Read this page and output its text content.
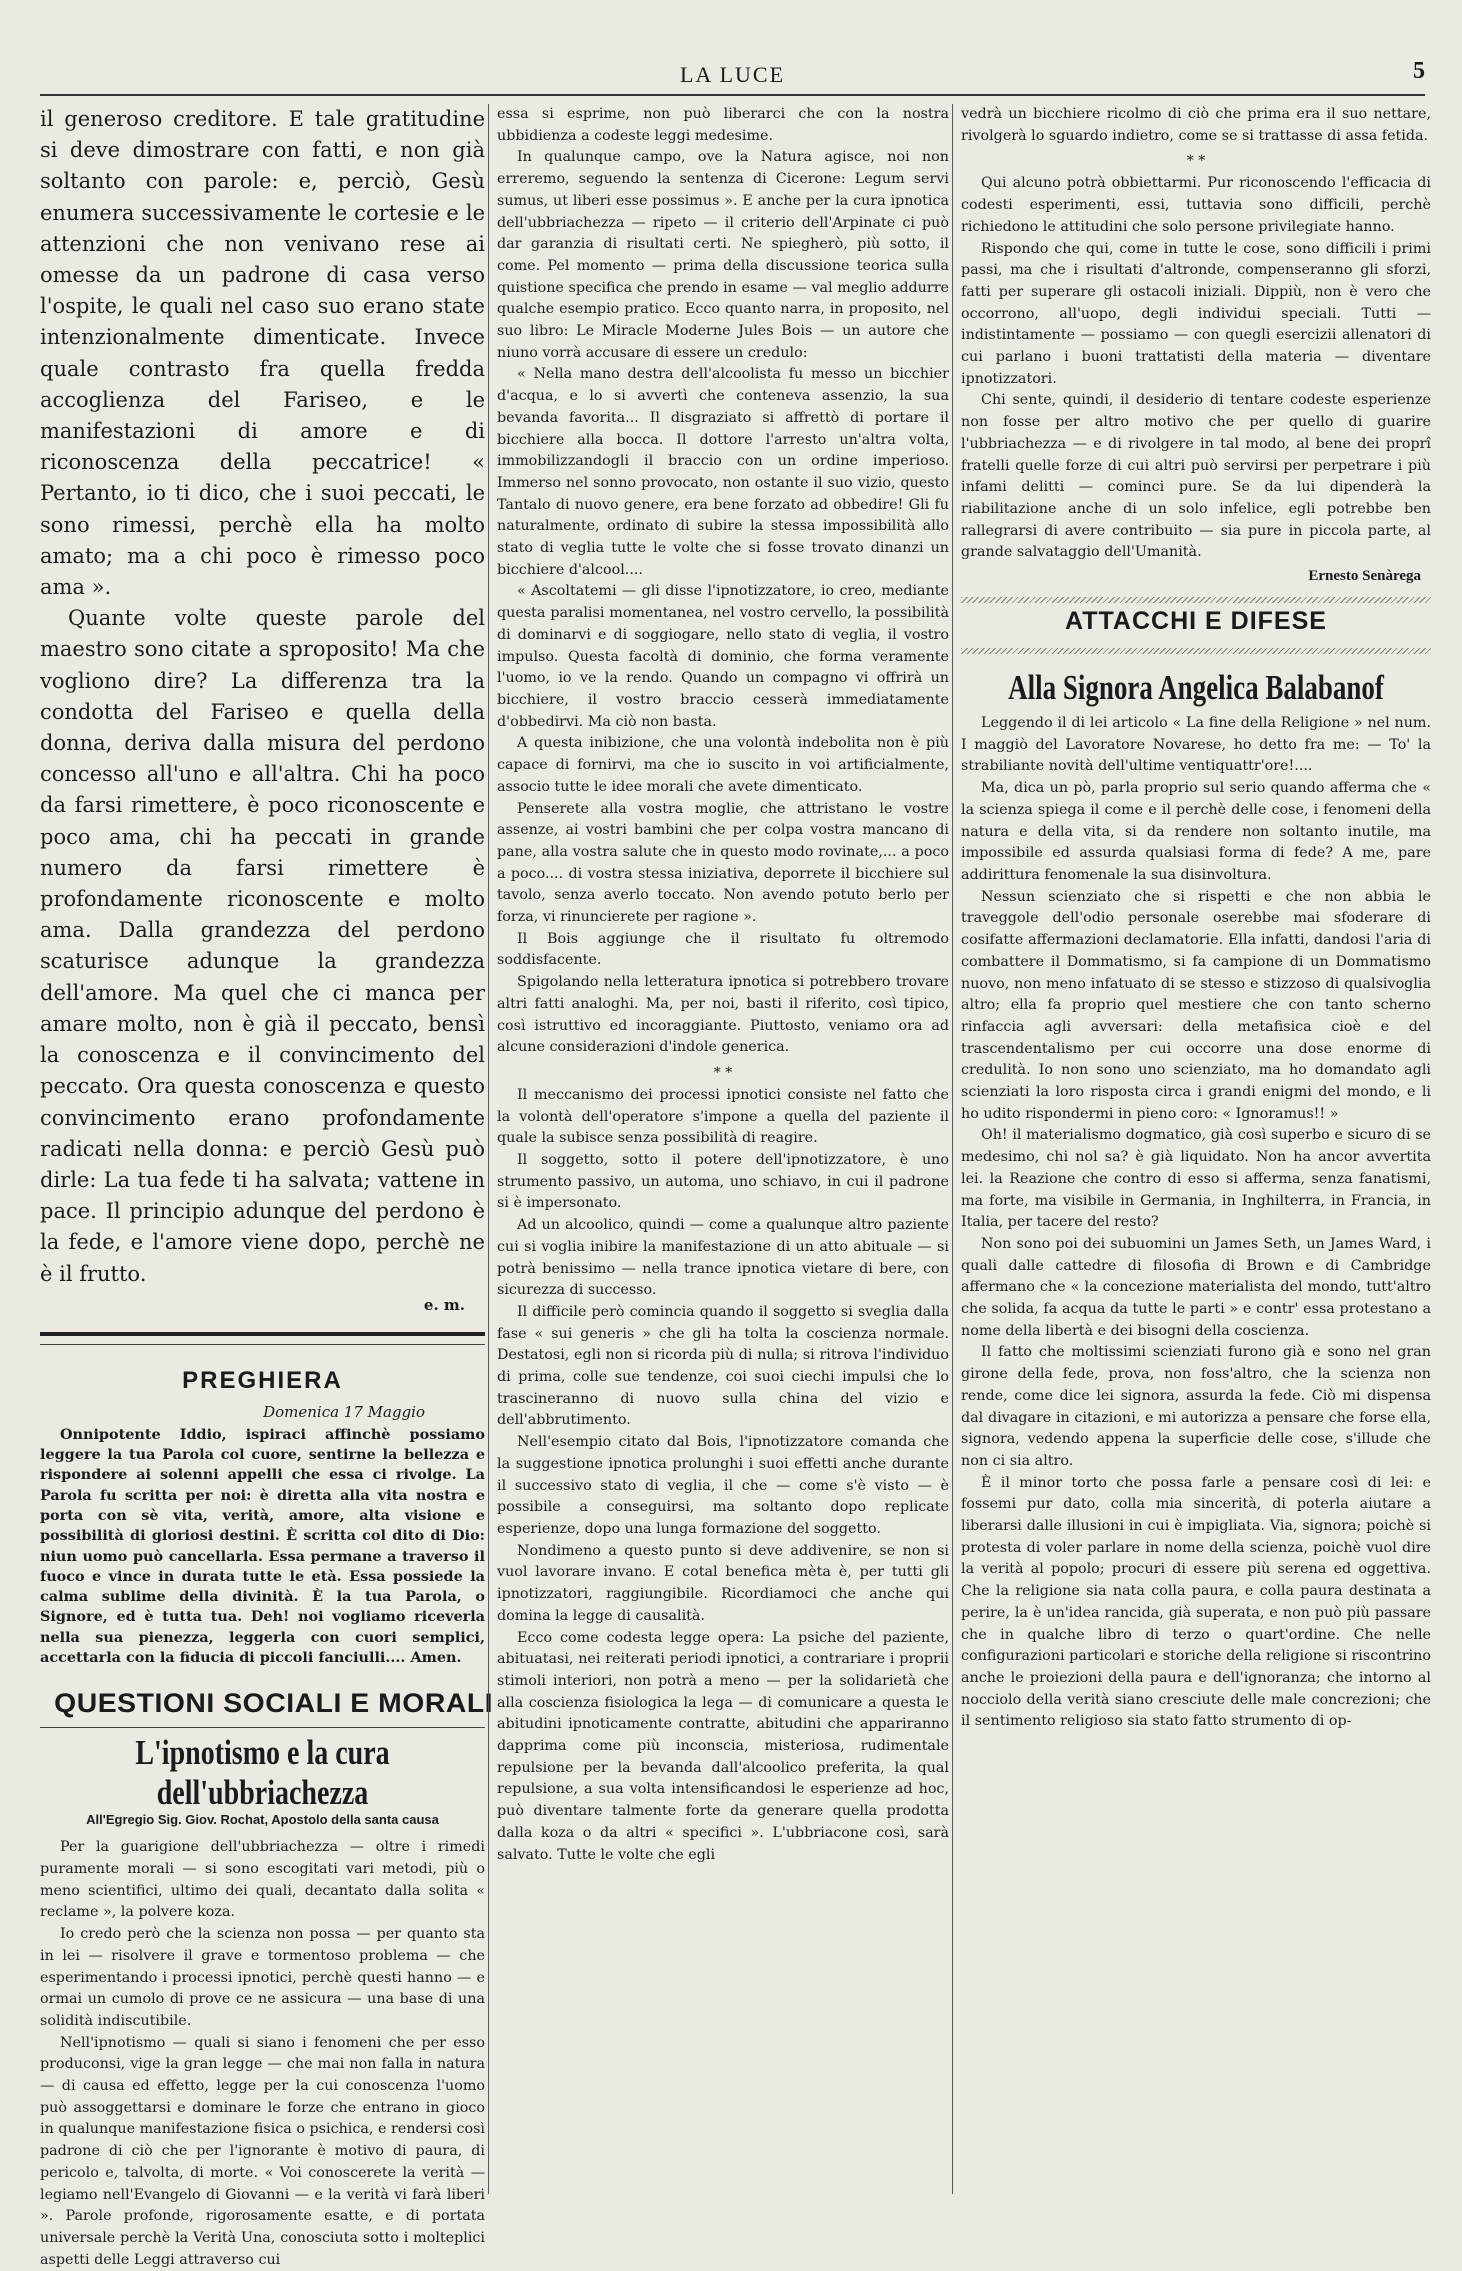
LA LUCE	5

il generoso creditore. E tale gratitudine si deve dimostrare con fatti, e non già soltanto con parole: e, perciò, Gesù enumera successivamente le cortesie e le attenzioni che non venivano rese ai omesse da un padrone di casa verso l'ospite, le quali nel caso suo erano state intenzionalmente dimenticate. Invece quale contrasto fra quella fredda accoglienza del Fariseo, e le manifestazioni di amore e di riconoscenza della peccatrice! « Pertanto, io ti dico, che i suoi peccati, le sono rimessi, perchè ella ha molto amato; ma a chi poco è rimesso poco ama ».

Quante volte queste parole del maestro sono citate a sproposito! Ma che vogliono dire? La differenza tra la condotta del Fariseo e quella della donna, deriva dalla misura del perdono concesso all'uno e all'altra. Chi ha poco da farsi rimettere, è poco riconoscente e poco ama, chi ha peccati in grande numero da farsi rimettere è profondamente riconoscente e molto ama. Dalla grandezza del perdono scaturisce adunque la grandezza dell'amore. Ma quel che ci manca per amare molto, non è già il peccato, bensì la conoscenza e il convincimento del peccato. Ora questa conoscenza e questo convincimento erano profondamente radicati nella donna: e perciò Gesù può dirle: La tua fede ti ha salvata; vattene in pace. Il principio adunque del perdono è la fede, e l'amore viene dopo, perchè ne è il frutto.

e. m.
PREGHIERA
Domenica 17 Maggio

Onnipotente Iddio, ispiraci affinchè possiamo leggere la tua Parola col cuore, sentirne la bellezza e rispondere ai solenni appelli che essa ci rivolge. La Parola fu scritta per noi: è diretta alla vita nostra e porta con sè vita, verità, amore, alta visione e possibilità di gloriosi destini. È scritta col dito di Dio: niun uomo può cancellarla. Essa permane a traverso il fuoco e vince in durata tutte le età. Essa possiede la calma sublime della divinità. È la tua Parola, o Signore, ed è tutta tua. Deh! noi vogliamo riceverla nella sua pienezza, leggerla con cuori semplici, accettarla con la fiducia di piccoli fanciulli.... Amen.

QUESTIONI SOCIALI E MORALI
L'ipnotismo e la cura dell'ubbriachezza
All'Egregio Sig. Giov. Rochat, Apostolo della santa causa

Per la guarigione dell'ubbriachezza — oltre i rimedi puramente morali — si sono escogitati vari metodi, più o meno scientifici, ultimo dei quali, decantato dalla solita « reclame », la polvere koza.

Io credo però che la scienza non possa — per quanto sta in lei — risolvere il grave e tormentoso problema — che esperimentando i processi ipnotici, perchè questi hanno — e ormai un cumolo di prove ce ne assicura — una base di una solidità indiscutibile.

Nell'ipnotismo — quali si siano i fenomeni che per esso produconsi, vige la gran legge — che mai non falla in natura — di causa ed effetto, legge per la cui conoscenza l'uomo può assoggettarsi e dominare le forze che entrano in gioco in qualunque manifestazione fisica o psichica, e rendersi così padrone di ciò che per l'ignorante è motivo di paura, di pericolo e, talvolta, di morte. « Voi conoscerete la verità — legiamo nell'Evangelo di Giovanni — e la verità vi farà liberi ». Parole profonde, rigorosamente esatte, e di portata universale perchè la Verità Una, conosciuta sotto i molteplici aspetti delle Leggi attraverso cui

essa si esprime, non può liberarci che con la nostra ubbidienza a codeste leggi medesime.

In qualunque campo, ove la Natura agisce, noi non erreremo, seguendo la sentenza di Cicerone: Legum servi sumus, ut liberi esse possimus ». E anche per la cura ipnotica dell'ubbriachezza — ripeto — il criterio dell'Arpinate ci può dar garanzia di risultati certi. Ne spiegherò, più sotto, il come. Pel momento — prima della discussione teorica sulla quistione specifica che prendo in esame — val meglio addurre qualche esempio pratico. Ecco quanto narra, in proposito, nel suo libro: Le Miracle Moderne Jules Bois — un autore che niuno vorrà accusare di essere un credulo:

« Nella mano destra dell'alcoolista fu messo un bicchier d'acqua, e lo si avvertì che conteneva assenzio, la sua bevanda favorita... Il disgraziato si affrettò di portare il bicchiere alla bocca. Il dottore l'arresto un'altra volta, immobilizzandogli il braccio con un ordine imperioso. Immerso nel sonno provocato, non ostante il suo vizio, questo Tantalo di nuovo genere, era bene forzato ad obbedire! Gli fu naturalmente, ordinato di subire la stessa impossibilità allo stato di veglia tutte le volte che si fosse trovato dinanzi un bicchiere d'alcool....

« Ascoltatemi — gli disse l'ipnotizzatore, io creo, mediante questa paralisi momentanea, nel vostro cervello, la possibilità di dominarvi e di soggiogare, nello stato di veglia, il vostro impulso. Questa facoltà di dominio, che forma veramente l'uomo, io ve la rendo. Quando un compagno vi offrirà un bicchiere, il vostro braccio cesserà immediatamente d'obbedirvi. Ma ciò non basta.

A questa inibizione, che una volontà indebolita non è più capace di fornirvi, ma che io suscito in voi artificialmente, associo tutte le idee morali che avete dimenticato.

Penserete alla vostra moglie, che attristano le vostre assenze, ai vostri bambini che per colpa vostra mancano di pane, alla vostra salute che in questo modo rovinate,... a poco a poco.... di vostra stessa iniziativa, deporrete il bicchiere sul tavolo, senza averlo toccato. Non avendo potuto berlo per forza, vi rinuncierete per ragione ».

Il Bois aggiunge che il risultato fu oltremodo soddisfacente.

Spigolando nella letteratura ipnotica si potrebbero trovare altri fatti analoghi. Ma, per noi, basti il riferito, così tipico, così istruttivo ed incoraggiante. Piuttosto, veniamo ora ad alcune considerazioni d'indole generica.

* *

Il meccanismo dei processi ipnotici consiste nel fatto che la volontà dell'operatore s'impone a quella del paziente il quale la subisce senza possibilità di reagire.

Il soggetto, sotto il potere dell'ipnotizzatore, è uno strumento passivo, un automa, uno schiavo, in cui il padrone si è impersonato.

Ad un alcoolico, quindi — come a qualunque altro paziente cui si voglia inibire la manifestazione di un atto abituale — si potrà benissimo — nella trance ipnotica vietare di bere, con sicurezza di successo.

Il difficile però comincia quando il soggetto si sveglia dalla fase « sui generis » che gli ha tolta la coscienza normale. Destatosi, egli non si ricorda più di nulla; si ritrova l'individuo di prima, colle sue tendenze, coi suoi ciechi impulsi che lo trascineranno di nuovo sulla china del vizio e dell'abbrutimento.

Nell'esempio citato dal Bois, l'ipnotizzatore comanda che la suggestione ipnotica prolunghi i suoi effetti anche durante il successivo stato di veglia, il che — come s'è visto — è possibile a conseguirsi, ma soltanto dopo replicate esperienze, dopo una lunga formazione del soggetto.

Nondimeno a questo punto si deve addivenire, se non si vuol lavorare invano. E cotal benefica mèta è, per tutti gli ipnotizzatori, raggiungibile. Ricordiamoci che anche qui domina la legge di causalità.

Ecco come codesta legge opera: La psiche del paziente, abituatasi, nei reiterati periodi ipnotici, a contrariare i proprii stimoli interiori, non potrà a meno — per la solidarietà che alla coscienza fisiologica la lega — di comunicare a questa le abitudini ipnoticamente contratte, abitudini che appariranno dapprima come più inconscia, misteriosa, rudimentale repulsione per la bevanda dall'alcoolico preferita, la qual repulsione, a sua volta intensificandosi le esperienze ad hoc, può diventare talmente forte da generare quella prodotta dalla koza o da altri « specifici ». L'ubbriacone così, sarà salvato. Tutte le volte che egli

vedrà un bicchiere ricolmo di ciò che prima era il suo nettare, rivolgerà lo sguardo indietro, come se si trattasse di assa fetida.

* *

Qui alcuno potrà obbiettarmi. Pur riconoscendo l'efficacia di codesti esperimenti, essi, tuttavia sono difficili, perchè richiedono le attitudini che solo persone privilegiate hanno.

Rispondo che qui, come in tutte le cose, sono difficili i primi passi, ma che i risultati d'altronde, compenseranno gli sforzi, fatti per superare gli ostacoli iniziali. Dippiù, non è vero che occorrono, all'uopo, degli individui speciali. Tutti — indistintamente — possiamo — con quegli esercizii allenatori di cui parlano i buoni trattatisti della materia — diventare ipnotizzatori.

Chi sente, quindi, il desiderio di tentare codeste esperienze non fosse per altro motivo che per quello di guarire l'ubbriachezza — e di rivolgere in tal modo, al bene dei proprî fratelli quelle forze di cui altri può servirsi per perpetrare i più infami delitti — cominci pure. Se da lui dipenderà la riabilitazione anche di un solo infelice, egli potrebbe ben rallegrarsi di avere contribuito — sia pure in piccola parte, al grande salvataggio dell'Umanità.

Ernesto Senàrega
ATTACCHI E DIFESE
Alla Signora Angelica Balabanof

Leggendo il di lei articolo « La fine della Religione » nel num. I maggiò del Lavoratore Novarese, ho detto fra me: — To' la strabiliante novità dell'ultime ventiquattr'ore!....

Ma, dica un pò, parla proprio sul serio quando afferma che « la scienza spiega il come e il perchè delle cose, i fenomeni della natura e della vita, si da rendere non soltanto inutile, ma impossibile ed assurda qualsiasi forma di fede? A me, pare addirittura fenomenale la sua disinvoltura.

Nessun scienziato che si rispetti e che non abbia le traveggole dell'odio personale oserebbe mai sfoderare di cosifatte affermazioni declamatorie. Ella infatti, dandosi l'aria di combattere il Dommatismo, si fa campione di un Dommatismo nuovo, non meno infatuato di se stesso e stizzoso di qualsivoglia altro; ella fa proprio quel mestiere che con tanto scherno rinfaccia agli avversari: della metafisica cioè e del trascendentalismo per cui occorre una dose enorme di credulità. Io non sono uno scienziato, ma ho domandato agli scienziati la loro risposta circa i grandi enigmi del mondo, e li ho udito rispondermi in pieno coro: « Ignoramus!! »

Oh! il materialismo dogmatico, già così superbo e sicuro di se medesimo, chi nol sa? è già liquidato. Non ha ancor avvertita lei. la Reazione che contro di esso si afferma, senza fanatismi, ma forte, ma visibile in Germania, in Inghilterra, in Francia, in Italia, per tacere del resto?

Non sono poi dei subuomini un James Seth, un James Ward, i quali dalle cattedre di filosofia di Brown e di Cambridge affermano che « la concezione materialista del mondo, tutt'altro che solida, fa acqua da tutte le parti » e contr' essa protestano a nome della libertà e dei bisogni della coscienza.

Il fatto che moltissimi scienziati furono già e sono nel gran girone della fede, prova, non foss'altro, che la scienza non rende, come dice lei signora, assurda la fede. Ciò mi dispensa dal divagare in citazioni, e mi autorizza a pensare che forse ella, signora, vedendo appena la superficie delle cose, s'illude che non ci sia altro.

È il minor torto che possa farle a pensare così di lei: e fossemi pur dato, colla mia sincerità, di poterla aiutare a liberarsi dalle illusioni in cui è impigliata. Via, signora; poichè si protesta di voler parlare in nome della scienza, poichè vuol dire la verità al popolo; procuri di essere più serena ed oggettiva. Che la religione sia nata colla paura, e colla paura destinata a perire, la è un'idea rancida, già superata, e non può più passare che in qualche libro di terzo o quart'ordine. Che nelle configurazioni particolari e storiche della religione si riscontrino anche le proiezioni della paura e dell'ignoranza; che intorno al nocciolo della verità siano cresciute delle male concrezioni; che il sentimento religioso sia stato fatto strumento di op-
